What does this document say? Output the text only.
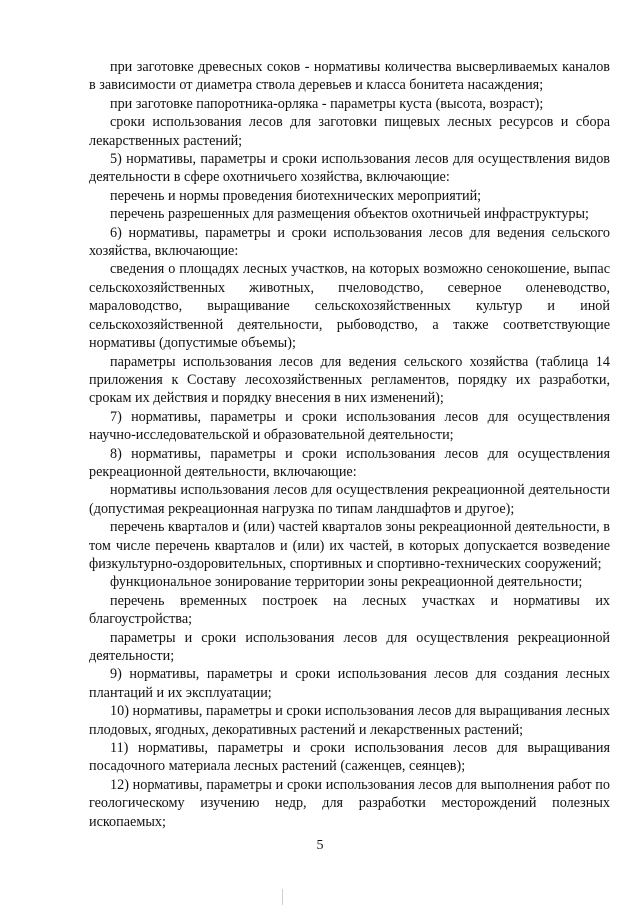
при заготовке древесных соков - нормативы количества высверливаемых каналов в зависимости от диаметра ствола деревьев и класса бонитета насаждения;

при заготовке папоротника-орляка - параметры куста (высота, возраст);

сроки использования лесов для заготовки пищевых лесных ресурсов и сбора лекарственных растений;

5) нормативы, параметры и сроки использования лесов для осуществления видов деятельности в сфере охотничьего хозяйства, включающие:

перечень и нормы проведения биотехнических мероприятий;

перечень разрешенных для размещения объектов охотничьей инфраструктуры;

6) нормативы, параметры и сроки использования лесов для ведения сельского хозяйства, включающие:

сведения о площадях лесных участков, на которых возможно сенокошение, выпас сельскохозяйственных животных, пчеловодство, северное оленеводство, мараловодство, выращивание сельскохозяйственных культур и иной сельскохозяйственной деятельности, рыбоводство, а также соответствующие нормативы (допустимые объемы);

параметры использования лесов для ведения сельского хозяйства (таблица 14 приложения к Составу лесохозяйственных регламентов, порядку их разработки, срокам их действия и порядку внесения в них изменений);

7) нормативы, параметры и сроки использования лесов для осуществления научно-исследовательской и образовательной деятельности;

8) нормативы, параметры и сроки использования лесов для осуществления рекреационной деятельности, включающие:

нормативы использования лесов для осуществления рекреационной деятельности (допустимая рекреационная нагрузка по типам ландшафтов и другое);

перечень кварталов и (или) частей кварталов зоны рекреационной деятельности, в том числе перечень кварталов и (или) их частей, в которых допускается возведение физкультурно-оздоровительных, спортивных и спортивно-технических сооружений;

функциональное зонирование территории зоны рекреационной деятельности;

перечень временных построек на лесных участках и нормативы их благоустройства;

параметры и сроки использования лесов для осуществления рекреационной деятельности;

9) нормативы, параметры и сроки использования лесов для создания лесных плантаций и их эксплуатации;

10) нормативы, параметры и сроки использования лесов для выращивания лесных плодовых, ягодных, декоративных растений и лекарственных растений;

11) нормативы, параметры и сроки использования лесов для выращивания посадочного материала лесных растений (саженцев, сеянцев);

12) нормативы, параметры и сроки использования лесов для выполнения работ по геологическому изучению недр, для разработки месторождений полезных ископаемых;

5
